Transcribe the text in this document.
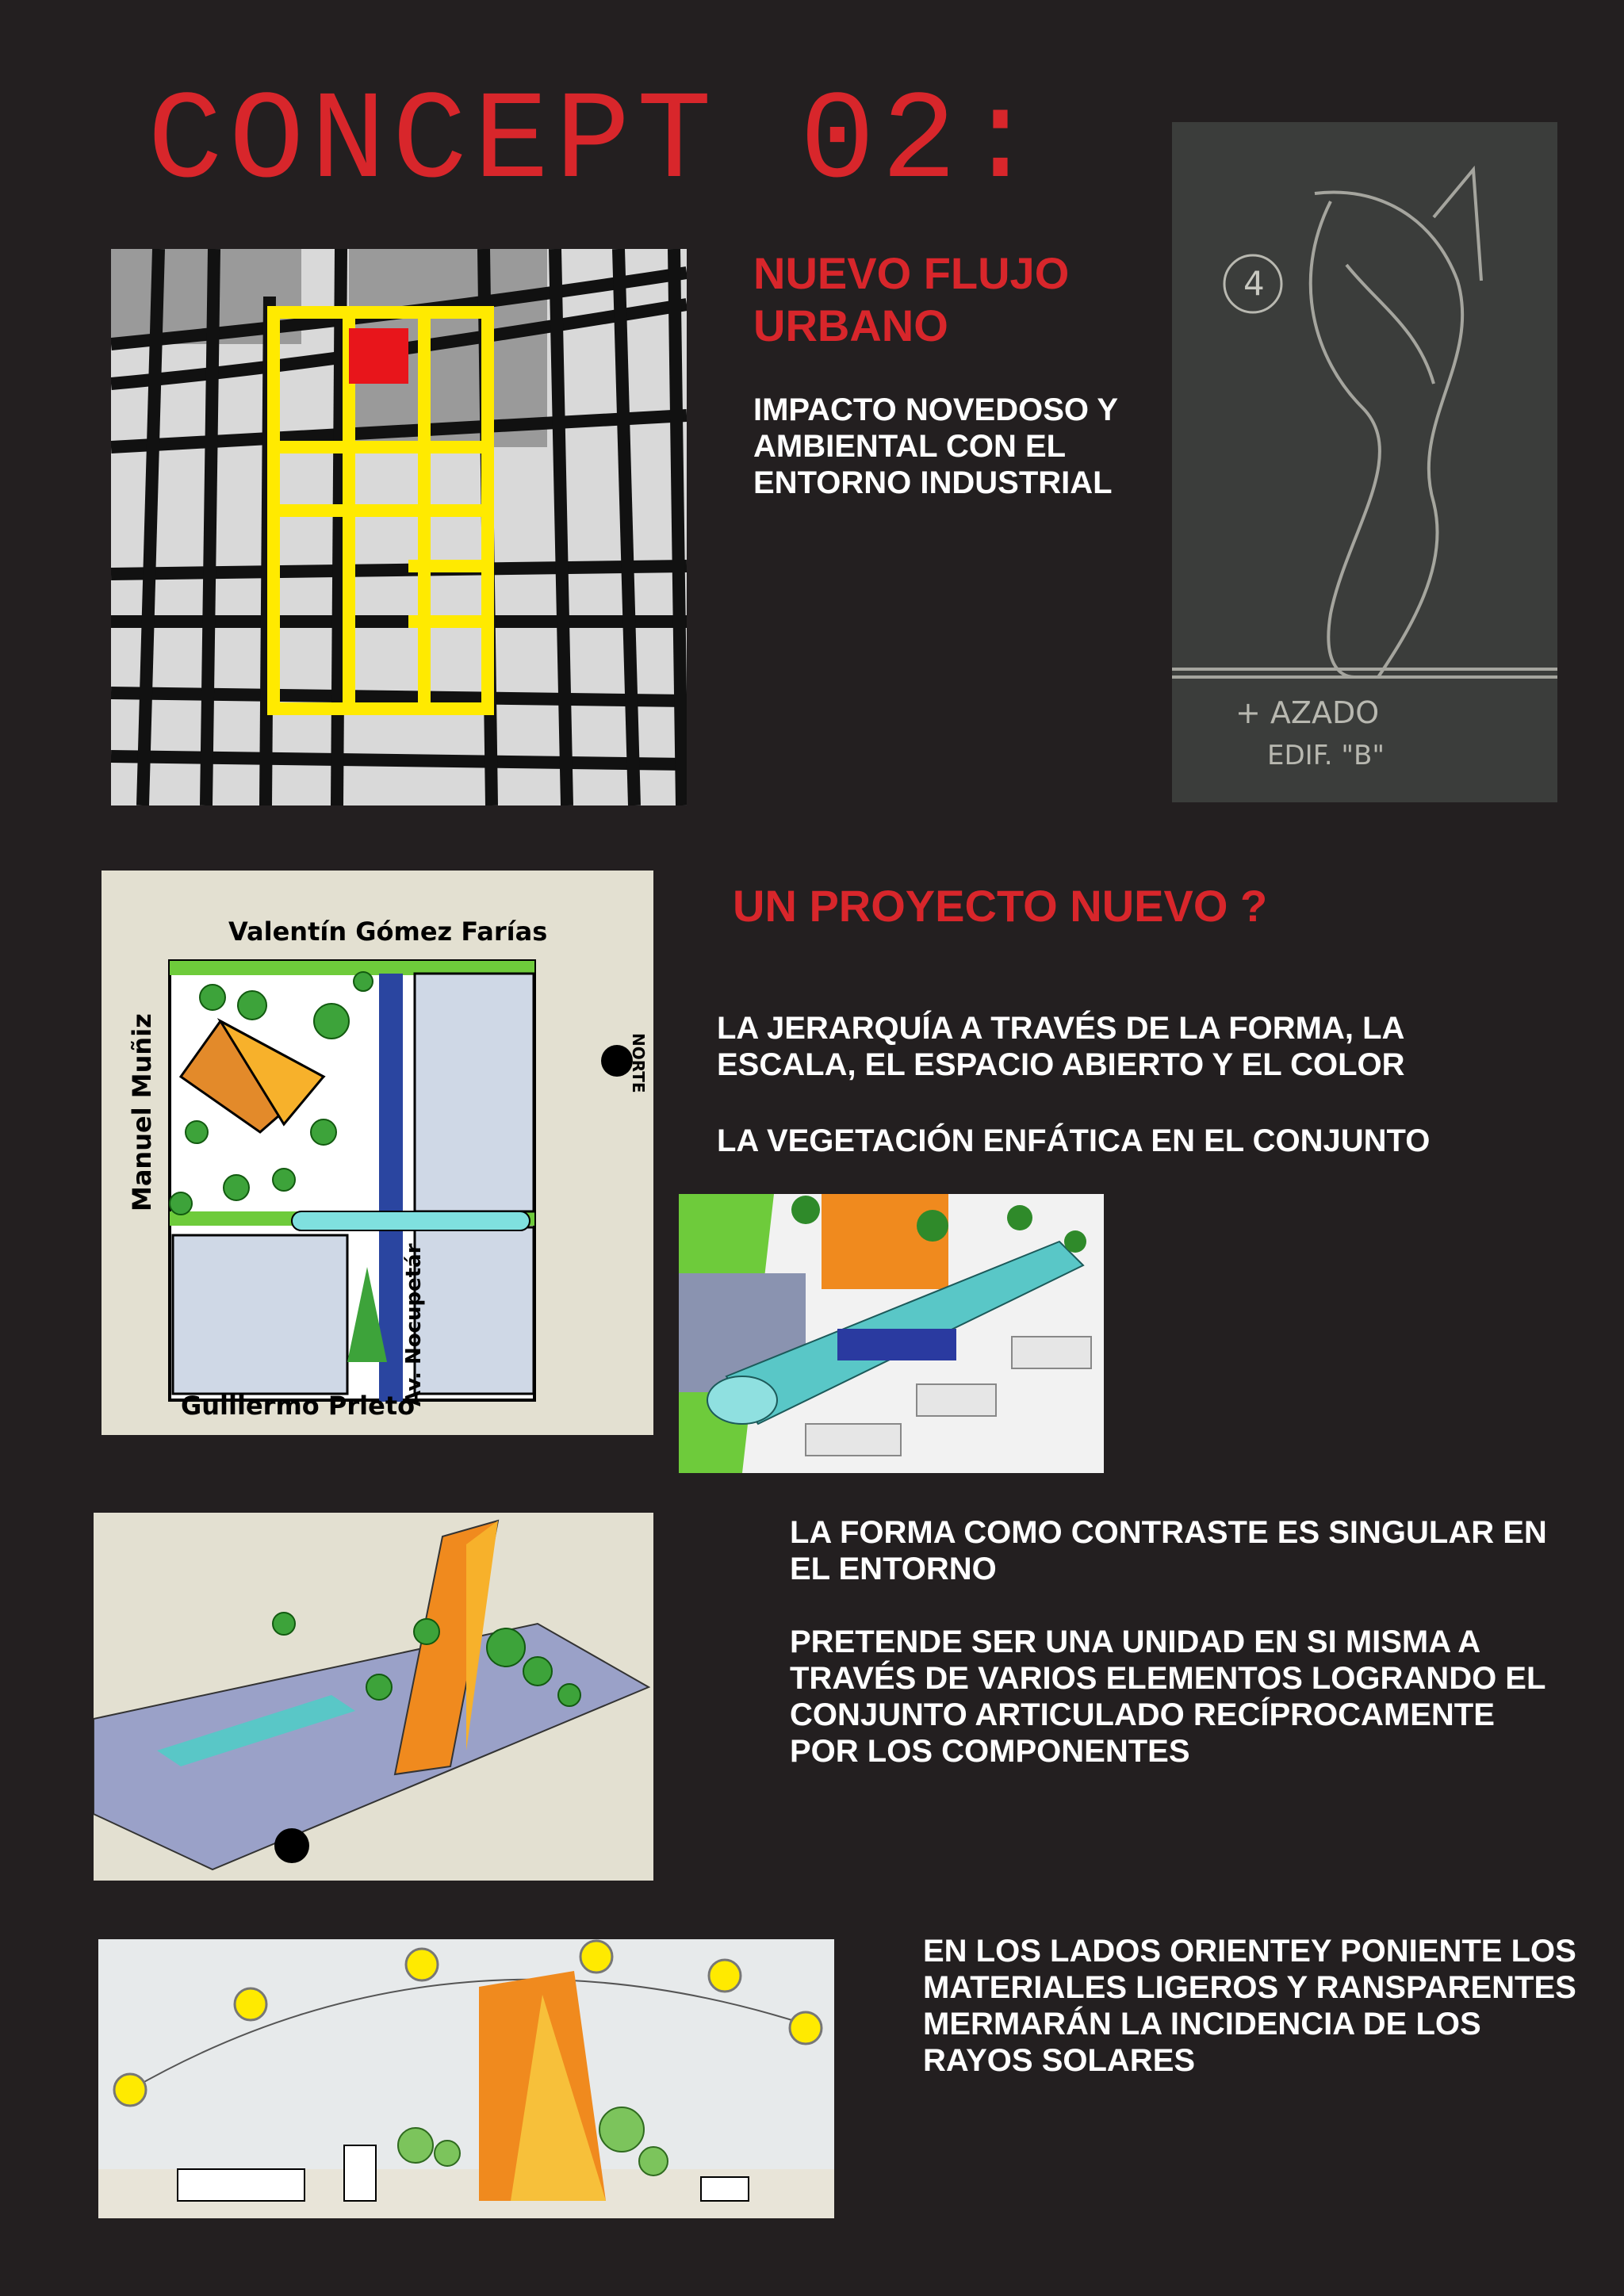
CONCEPT 02:
NUEVO FLUJO URBANO
IMPACTO NOVEDOSO Y AMBIENTAL CON EL ENTORNO INDUSTRIAL
4
+ AZADO
EDIF. "B"
Valentín Gómez Farías
Manuel Muñiz
Guillermo Prieto
Av. Nocupetár
NORTE
UN PROYECTO NUEVO ?
LA JERARQUÍA A TRAVÉS DE LA FORMA, LA ESCALA, EL ESPACIO ABIERTO Y EL COLOR
LA VEGETACIÓN ENFÁTICA EN EL CONJUNTO
LA FORMA COMO CONTRASTE ES SINGULAR EN EL ENTORNO
PRETENDE SER UNA UNIDAD EN SI MISMA A TRAVÉS DE VARIOS ELEMENTOS LOGRANDO EL CONJUNTO ARTICULADO RECÍPROCAMENTE POR LOS COMPONENTES
EN LOS LADOS ORIENTEY PONIENTE LOS MATERIALES LIGEROS Y RANSPARENTES MERMARÁN LA INCIDENCIA DE LOS RAYOS SOLARES
